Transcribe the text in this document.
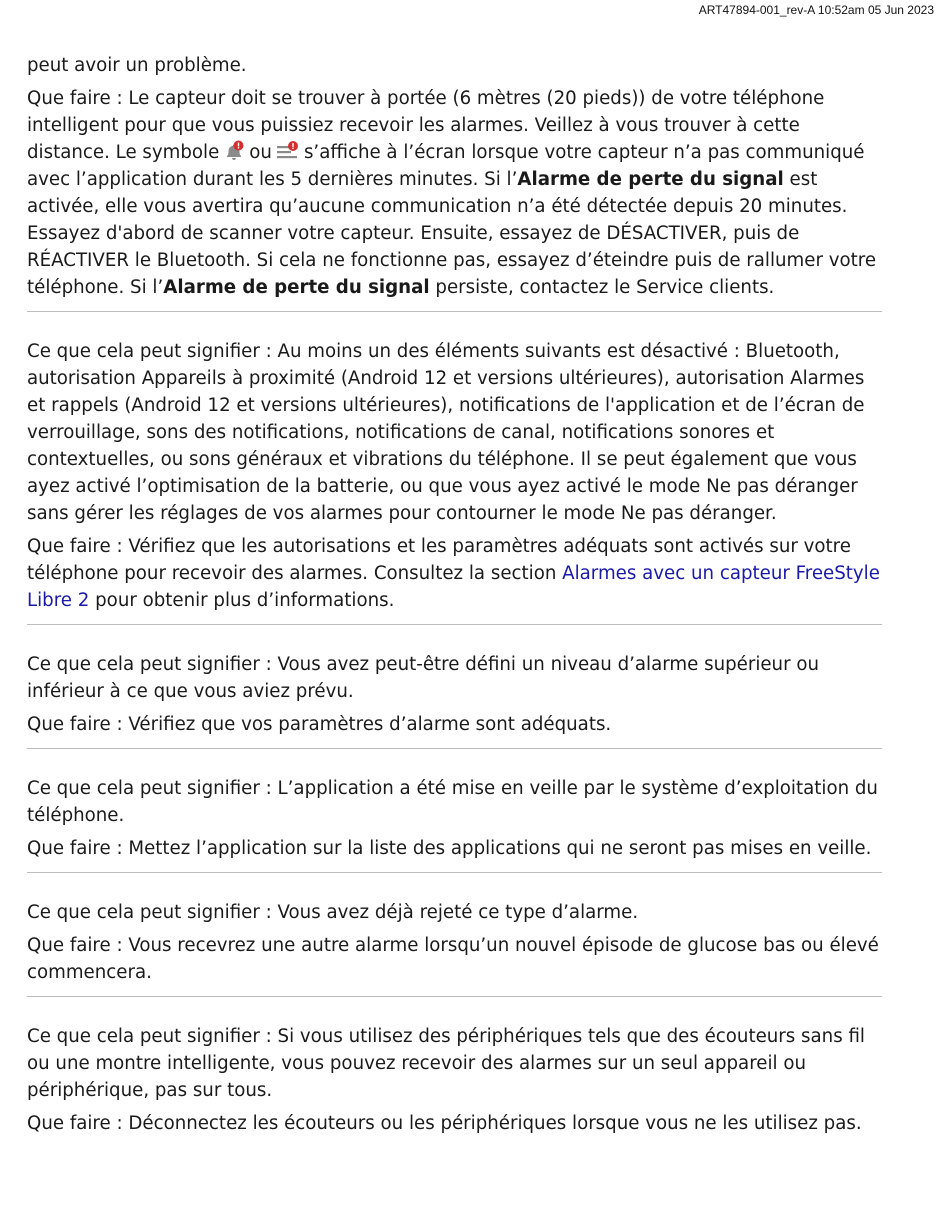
ART47894-001_rev-A 10:52am 05 Jun 2023

peut avoir un problème.

Que faire : Le capteur doit se trouver à portée (6 mètres (20 pieds)) de votre téléphone intelligent pour que vous puissiez recevoir les alarmes. Veillez à vous trouver à cette distance. Le symbole ou s’affiche à l’écran lorsque votre capteur n’a pas communiqué avec l’application durant les 5 dernières minutes. Si l’Alarme de perte du signal est activée, elle vous avertira qu’aucune communication n’a été détectée depuis 20 minutes. Essayez d'abord de scanner votre capteur. Ensuite, essayez de DÉSACTIVER, puis de RÉACTIVER le Bluetooth. Si cela ne fonctionne pas, essayez d’éteindre puis de rallumer votre téléphone. Si l’Alarme de perte du signal persiste, contactez le Service clients.

Ce que cela peut signifier : Au moins un des éléments suivants est désactivé : Bluetooth, autorisation Appareils à proximité (Android 12 et versions ultérieures), autorisation Alarmes et rappels (Android 12 et versions ultérieures), notifications de l'application et de l’écran de verrouillage, sons des notifications, notifications de canal, notifications sonores et contextuelles, ou sons généraux et vibrations du téléphone. Il se peut également que vous ayez activé l’optimisation de la batterie, ou que vous ayez activé le mode Ne pas déranger sans gérer les réglages de vos alarmes pour contourner le mode Ne pas déranger.

Que faire : Vérifiez que les autorisations et les paramètres adéquats sont activés sur votre téléphone pour recevoir des alarmes. Consultez la section Alarmes avec un capteur FreeStyle Libre 2 pour obtenir plus d’informations.

Ce que cela peut signifier : Vous avez peut-être défini un niveau d’alarme supérieur ou inférieur à ce que vous aviez prévu.

Que faire : Vérifiez que vos paramètres d’alarme sont adéquats.

Ce que cela peut signifier : L’application a été mise en veille par le système d’exploitation du téléphone.

Que faire : Mettez l’application sur la liste des applications qui ne seront pas mises en veille.

Ce que cela peut signifier : Vous avez déjà rejeté ce type d’alarme.

Que faire : Vous recevrez une autre alarme lorsqu’un nouvel épisode de glucose bas ou élevé commencera.

Ce que cela peut signifier : Si vous utilisez des périphériques tels que des écouteurs sans fil ou une montre intelligente, vous pouvez recevoir des alarmes sur un seul appareil ou périphérique, pas sur tous.

Que faire : Déconnectez les écouteurs ou les périphériques lorsque vous ne les utilisez pas.
